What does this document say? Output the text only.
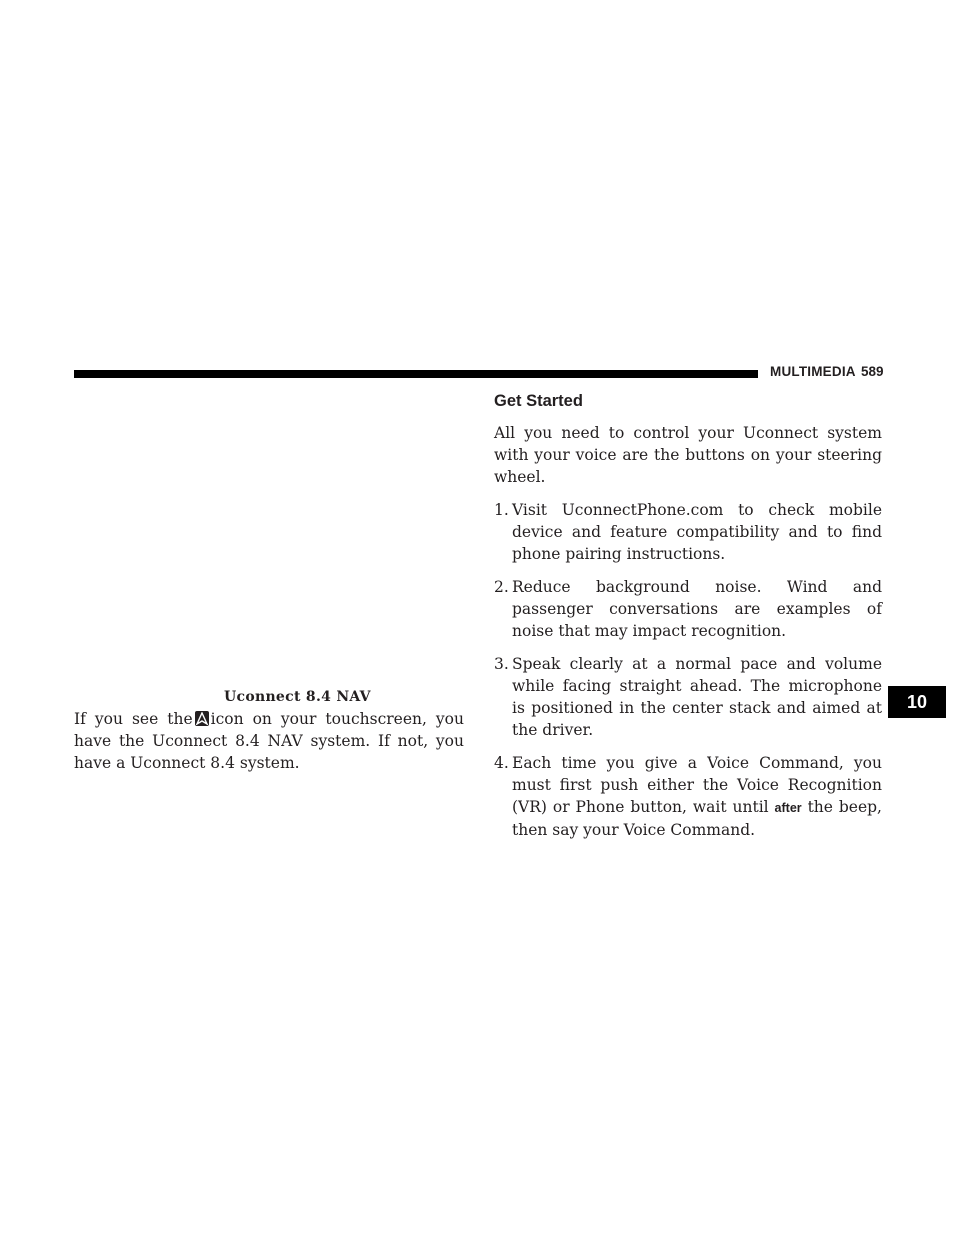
MULTIMEDIA 589
Uconnect 8.4 NAV

If you see the icon on your touchscreen, you have the Uconnect 8.4 NAV system. If not, you have a Uconnect 8.4 system.

Get Started

All you need to control your Uconnect system with your voice are the buttons on your steering wheel.

1. Visit UconnectPhone.com to check mobile device and feature compatibility and to find phone pairing instructions.

2. Reduce background noise. Wind and passenger conversations are examples of noise that may impact recognition.

3. Speak clearly at a normal pace and volume while facing straight ahead. The microphone is positioned in the center stack and aimed at the driver.

4. Each time you give a Voice Command, you must first push either the Voice Recognition (VR) or Phone button, wait until after the beep, then say your Voice Command.

10
